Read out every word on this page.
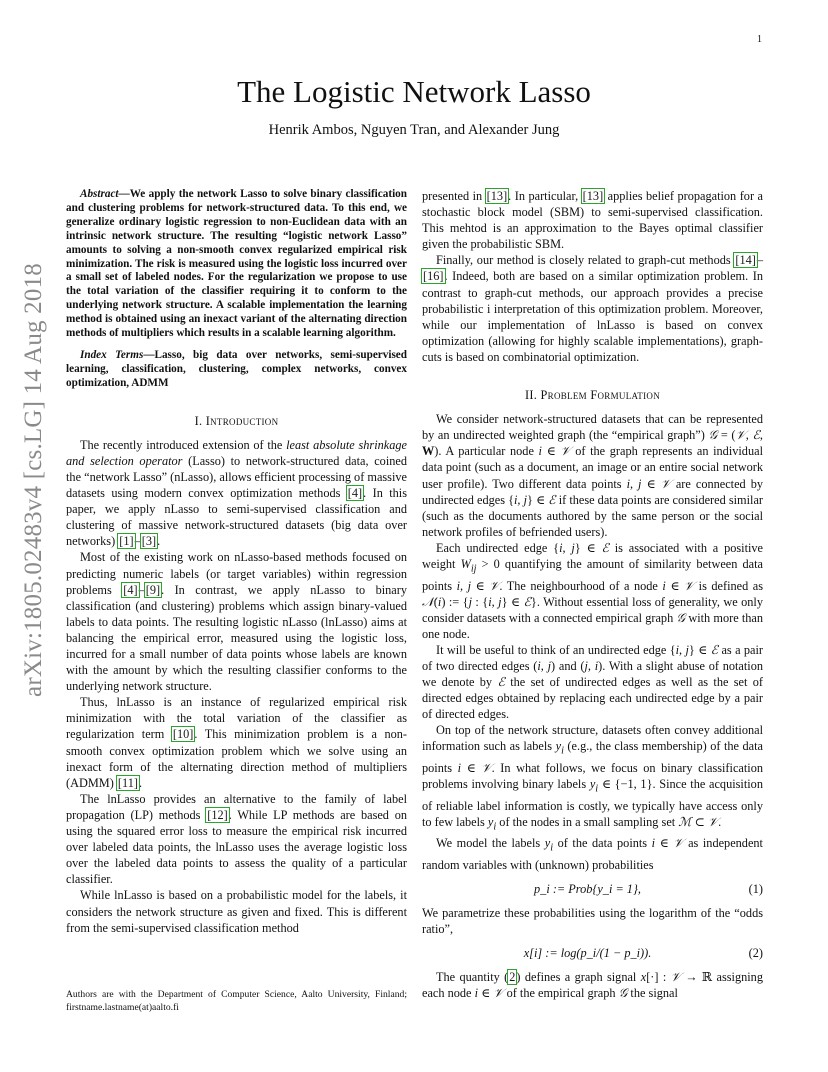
1
arXiv:1805.02483v4 [cs.LG] 14 Aug 2018
The Logistic Network Lasso
Henrik Ambos, Nguyen Tran, and Alexander Jung

Abstract—We apply the network Lasso to solve binary classification and clustering problems for network-structured data. To this end, we generalize ordinary logistic regression to non-Euclidean data with an intrinsic network structure. The resulting “logistic network Lasso” amounts to solving a non-smooth convex regularized empirical risk minimization. The risk is measured using the logistic loss incurred over a small set of labeled nodes. For the regularization we propose to use the total variation of the classifier requiring it to conform to the underlying network structure. A scalable implementation the learning method is obtained using an inexact variant of the alternating direction methods of multipliers which results in a scalable learning algorithm.

Index Terms—Lasso, big data over networks, semi-supervised learning, classification, clustering, complex networks, convex optimization, ADMM

I. Introduction

The recently introduced extension of the least absolute shrinkage and selection operator (Lasso) to network-structured data, coined the “network Lasso” (nLasso), allows efficient processing of massive datasets using modern convex optimization methods [4]. In this paper, we apply nLasso to semi-supervised classification and clustering of massive network-structured datasets (big data over networks) [1]–[3].

Most of the existing work on nLasso-based methods focused on predicting numeric labels (or target variables) within regression problems [4]–[9]. In contrast, we apply nLasso to binary classification (and clustering) problems which assign binary-valued labels to data points. The resulting logistic nLasso (lnLasso) aims at balancing the empirical error, measured using the logistic loss, incurred for a small number of data points whose labels are known with the amount by which the resulting classifier conforms to the underlying network structure.

Thus, lnLasso is an instance of regularized empirical risk minimization with the total variation of the classifier as regularization term [10]. This minimization problem is a non-smooth convex optimization problem which we solve using an inexact form of the alternating direction method of multipliers (ADMM) [11].

The lnLasso provides an alternative to the family of label propagation (LP) methods [12]. While LP methods are based on using the squared error loss to measure the empirical risk incurred over labeled data points, the lnLasso uses the average logistic loss over the labeled data points to assess the quality of a particular classifier.

While lnLasso is based on a probabilistic model for the labels, it considers the network structure as given and fixed. This is different from the semi-supervised classification method

Authors are with the Department of Computer Science, Aalto University, Finland; firstname.lastname(at)aalto.fi

presented in [13]. In particular, [13] applies belief propagation for a stochastic block model (SBM) to semi-supervised classification. This mehtod is an approximation to the Bayes optimal classifier given the probabilistic SBM.

Finally, our method is closely related to graph-cut methods [14]–[16]. Indeed, both are based on a similar optimization problem. In contrast to graph-cut methods, our approach provides a precise probabilistic i interpretation of this optimization problem. Moreover, while our implementation of lnLasso is based on convex optimization (allowing for highly scalable implementations), graph-cuts is based on combinatorial optimization.

II. Problem Formulation

We consider network-structured datasets that can be represented by an undirected weighted graph (the “empirical graph”) 𝒢 = (𝒱, ℰ, W). A particular node i ∈ 𝒱 of the graph represents an individual data point (such as a document, an image or an entire social network user profile). Two different data points i, j ∈ 𝒱 are connected by undirected edges {i, j} ∈ ℰ if these data points are considered similar (such as the documents authored by the same person or the social network profiles of befriended users).

Each undirected edge {i, j} ∈ ℰ is associated with a positive weight $W_{ij} > 0$ quantifying the amount of similarity between data points i, j ∈ 𝒱. The neighbourhood of a node i ∈ 𝒱 is defined as 𝒩(i) := {j : {i, j} ∈ ℰ}. Without essential loss of generality, we only consider datasets with a connected empirical graph 𝒢 with more than one node.

It will be useful to think of an undirected edge {i, j} ∈ ℰ as a pair of two directed edges (i, j) and (j, i). With a slight abuse of notation we denote by ℰ the set of undirected edges as well as the set of directed edges obtained by replacing each undirected edge by a pair of directed edges.

On top of the network structure, datasets often convey additional information such as labels $y_i$ (e.g., the class membership) of the data points i ∈ 𝒱. In what follows, we focus on binary classification problems involving binary labels $y_i$ ∈ {−1, 1}. Since the acquisition of reliable label information is costly, we typically have access only to few labels $y_i$ of the nodes in a small sampling set ℳ ⊂ 𝒱.

We model the labels $y_i$ of the data points i ∈ 𝒱 as independent random variables with (unknown) probabilities

p_i := Prob{y_i = 1},	(1)

We parametrize these probabilities using the logarithm of the “odds ratio”,

x[i] := log(p_i/(1 − p_i)).	(2)

The quantity (2) defines a graph signal x[·] : 𝒱 → ℝ assigning each node i ∈ 𝒱 of the empirical graph 𝒢 the signal
